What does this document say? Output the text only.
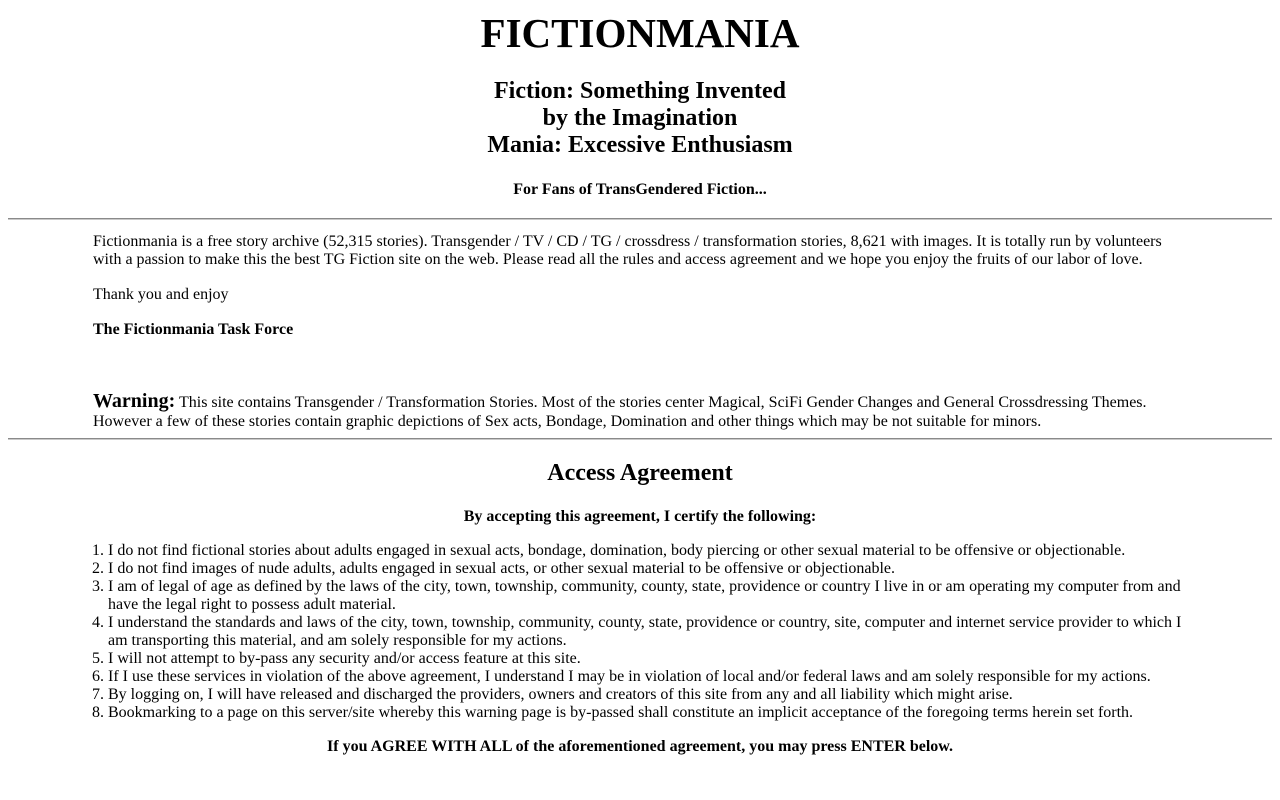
FICTIONMANIA
Fiction: Something Invented
by the Imagination
Mania: Excessive Enthusiasm

For Fans of TransGendered Fiction...

Fictionmania is a free story archive (52,315 stories). Transgender / TV / CD / TG / crossdress / transformation stories, 8,621 with images. It is totally run by volunteers with a passion to make this the best TG Fiction site on the web. Please read all the rules and access agreement and we hope you enjoy the fruits of our labor of love.

Thank you and enjoy

The Fictionmania Task Force

Warning: This site contains Transgender / Transformation Stories. Most of the stories center Magical, SciFi Gender Changes and General Crossdressing Themes. However a few of these stories contain graphic depictions of Sex acts, Bondage, Domination and other things which may be not suitable for minors.

Access Agreement

By accepting this agreement, I certify the following:

1. I do not find fictional stories about adults engaged in sexual acts, bondage, domination, body piercing or other sexual material to be offensive or objectionable.
2. I do not find images of nude adults, adults engaged in sexual acts, or other sexual material to be offensive or objectionable.
3. I am of legal of age as defined by the laws of the city, town, township, community, county, state, providence or country I live in or am operating my computer from and have the legal right to possess adult material.
4. I understand the standards and laws of the city, town, township, community, county, state, providence or country, site, computer and internet service provider to which I am transporting this material, and am solely responsible for my actions.
5. I will not attempt to by-pass any security and/or access feature at this site.
6. If I use these services in violation of the above agreement, I understand I may be in violation of local and/or federal laws and am solely responsible for my actions.
7. By logging on, I will have released and discharged the providers, owners and creators of this site from any and all liability which might arise.
8. Bookmarking to a page on this server/site whereby this warning page is by-passed shall constitute an implicit acceptance of the foregoing terms herein set forth.

If you AGREE WITH ALL of the aforementioned agreement, you may press ENTER below.
